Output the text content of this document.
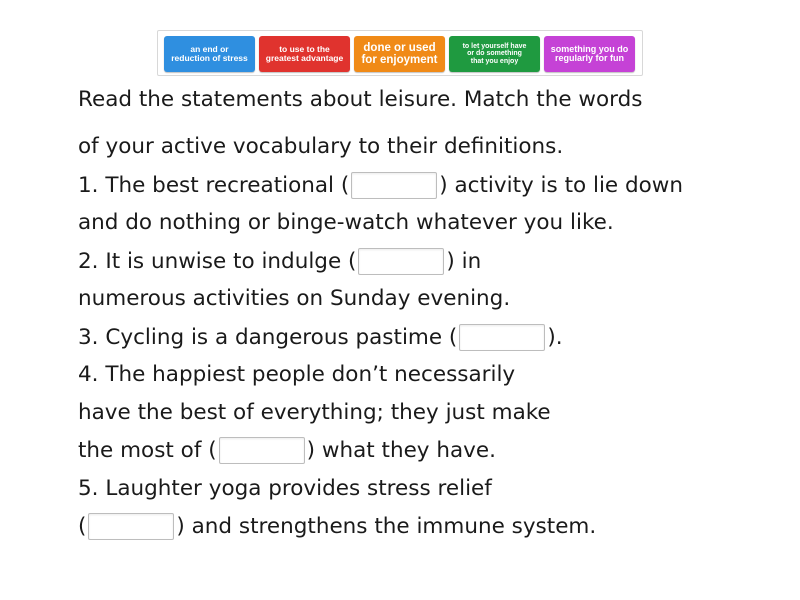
an end or
reduction of stress
to use to the
greatest advantage
done or used
for enjoyment
to let yourself have
or do something
that you enjoy
something you do
regularly for fun
Read the statements about leisure. Match the words
of your active vocabulary to their definitions.
1. The best recreational (	) activity is to lie down
and do nothing or binge-watch whatever you like.
2. It is unwise to indulge (	) in
numerous activities on Sunday evening.
3. Cycling is a dangerous pastime (	).
4. The happiest people don’t necessarily
have the best of everything; they just make
the most of (	) what they have.
5. Laughter yoga provides stress relief
(	) and strengthens the immune system.
